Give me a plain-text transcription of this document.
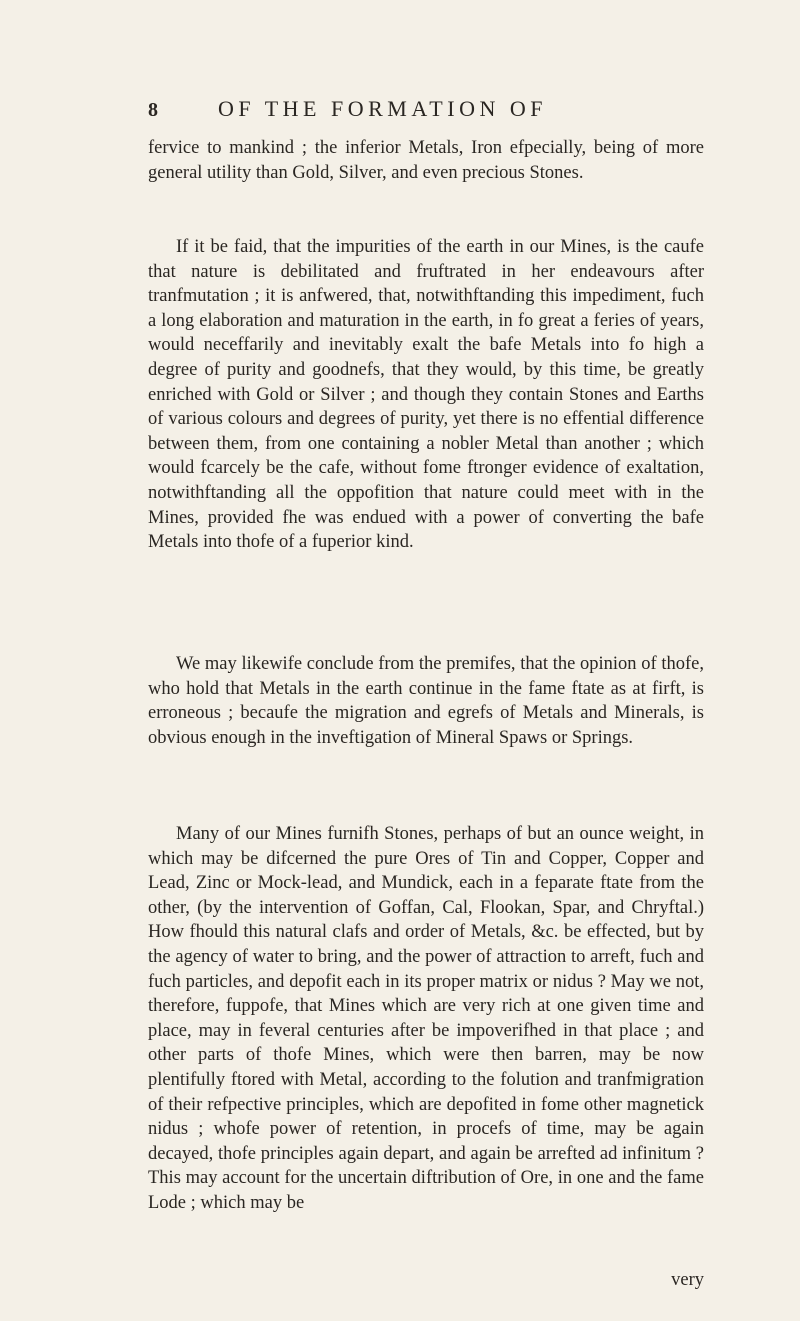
8	OF THE FORMATION OF

fervice to mankind ; the inferior Metals, Iron efpecially, being of more general utility than Gold, Silver, and even precious Stones.

If it be faid, that the impurities of the earth in our Mines, is the caufe that nature is debilitated and fruftrated in her endeavours after tranfmutation ; it is anfwered, that, notwithftanding this impediment, fuch a long elaboration and maturation in the earth, in fo great a feries of years, would neceffarily and inevitably exalt the bafe Metals into fo high a degree of purity and goodnefs, that they would, by this time, be greatly enriched with Gold or Silver ; and though they contain Stones and Earths of various colours and degrees of purity, yet there is no effential difference between them, from one containing a nobler Metal than another ; which would fcarcely be the cafe, without fome ftronger evidence of exaltation, notwithftanding all the oppofition that nature could meet with in the Mines, provided fhe was endued with a power of converting the bafe Metals into thofe of a fuperior kind.

We may likewife conclude from the premifes, that the opinion of thofe, who hold that Metals in the earth continue in the fame ftate as at firft, is erroneous ; becaufe the migration and egrefs of Metals and Minerals, is obvious enough in the inveftigation of Mineral Spaws or Springs.

Many of our Mines furnifh Stones, perhaps of but an ounce weight, in which may be difcerned the pure Ores of Tin and Copper, Copper and Lead, Zinc or Mock-lead, and Mundick, each in a feparate ftate from the other, (by the intervention of Goffan, Cal, Flookan, Spar, and Chryftal.) How fhould this natural clafs and order of Metals, &c. be effected, but by the agency of water to bring, and the power of attraction to arreft, fuch and fuch particles, and depofit each in its proper matrix or nidus ? May we not, therefore, fuppofe, that Mines which are very rich at one given time and place, may in feveral centuries after be impoverifhed in that place ; and other parts of thofe Mines, which were then barren, may be now plentifully ftored with Metal, according to the folution and tranfmigration of their refpective principles, which are depofited in fome other magnetick nidus ; whofe power of retention, in procefs of time, may be again decayed, thofe principles again depart, and again be arrefted ad infinitum ? This may account for the uncertain diftribution of Ore, in one and the fame Lode ; which may be

very
